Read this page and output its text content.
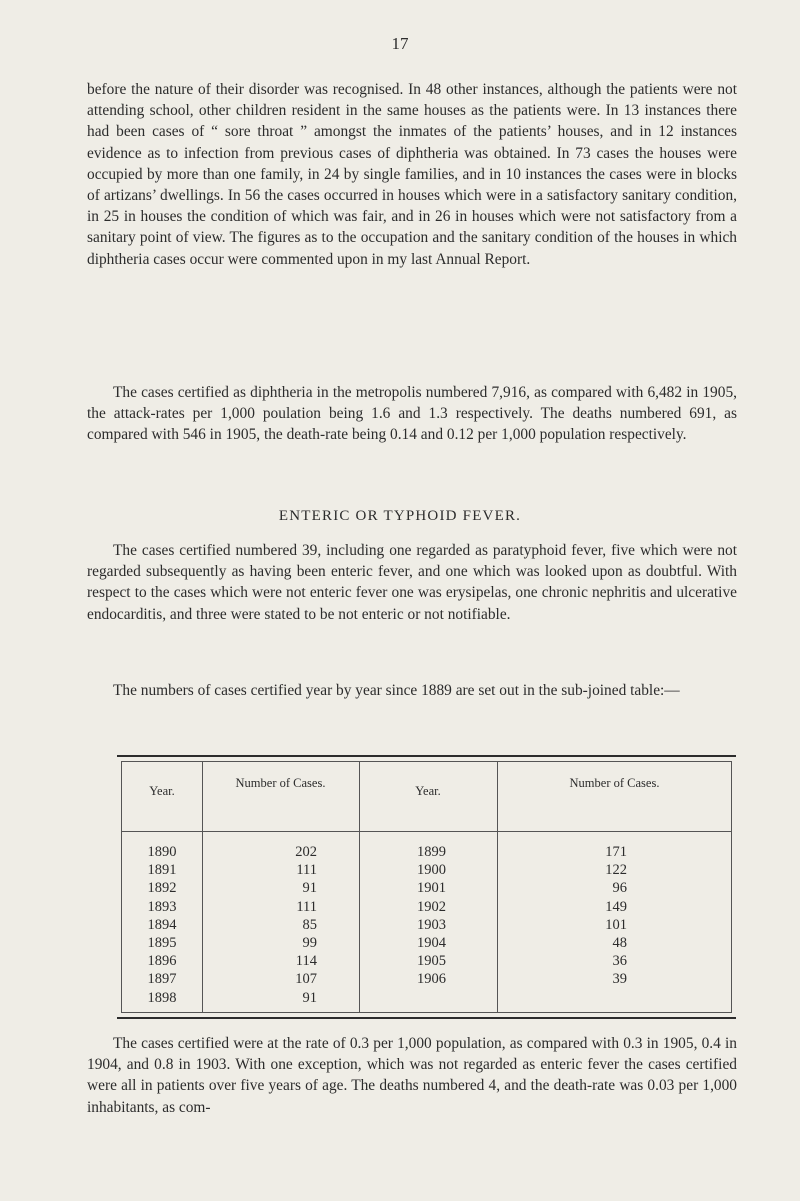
17

before the nature of their disorder was recognised. In 48 other instances, although the patients were not attending school, other children resident in the same houses as the patients were. In 13 instances there had been cases of “ sore throat ” amongst the inmates of the patients’ houses, and in 12 instances evidence as to infection from previous cases of diphtheria was obtained. In 73 cases the houses were occupied by more than one family, in 24 by single families, and in 10 instances the cases were in blocks of artizans’ dwellings. In 56 the cases occurred in houses which were in a satisfactory sanitary condition, in 25 in houses the condition of which was fair, and in 26 in houses which were not satisfactory from a sanitary point of view. The figures as to the occupation and the sanitary condition of the houses in which diphtheria cases occur were commented upon in my last Annual Report.

The cases certified as diphtheria in the metropolis numbered 7,916, as compared with 6,482 in 1905, the attack-rates per 1,000 poulation being 1.6 and 1.3 respectively. The deaths numbered 691, as compared with 546 in 1905, the death-rate being 0.14 and 0.12 per 1,000 population respectively.

ENTERIC OR TYPHOID FEVER.

The cases certified numbered 39, including one regarded as paratyphoid fever, five which were not regarded subsequently as having been enteric fever, and one which was looked upon as doubtful. With respect to the cases which were not enteric fever one was erysipelas, one chronic nephritis and ulcerative endocarditis, and three were stated to be not enteric or not notifiable.

The numbers of cases certified year by year since 1889 are set out in the sub-joined table:—

Year.
Number of Cases.
Year.
Number of Cases.
1890
1891
1892
1893
1894
1895
1896
1897
1898
202
111
91
111
85
99
114
107
91
1899
1900
1901
1902
1903
1904
1905
1906
171
122
96
149
101
48
36
39

The cases certified were at the rate of 0.3 per 1,000 population, as compared with 0.3 in 1905, 0.4 in 1904, and 0.8 in 1903. With one exception, which was not regarded as enteric fever the cases certified were all in patients over five years of age. The deaths numbered 4, and the death-rate was 0.03 per 1,000 inhabitants, as com-
